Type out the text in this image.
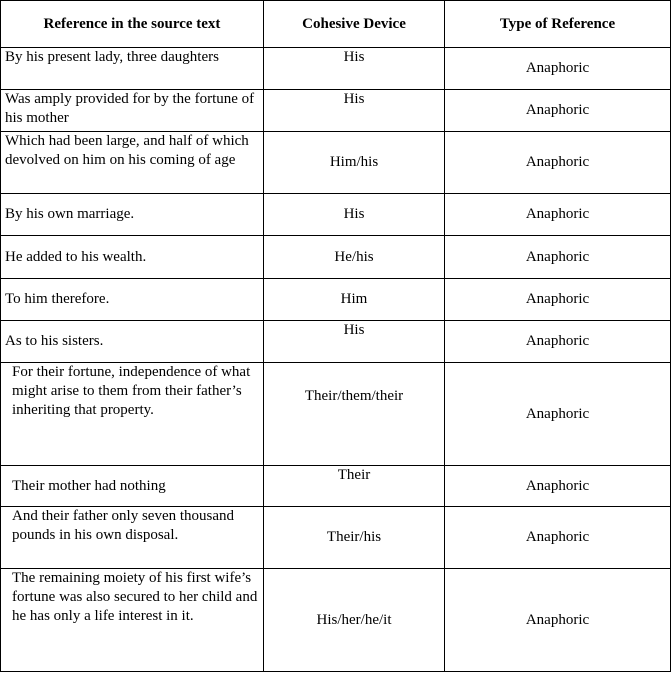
Reference in the source text	Cohesive Device	Type of Reference
By his present lady, three daughters	His	Anaphoric
Was amply provided for by the fortune of his mother	His	Anaphoric
Which had been large, and half of which devolved on him on his coming of age	Him/his	Anaphoric
By his own marriage.	His	Anaphoric
He added to his wealth.	He/his	Anaphoric
To him therefore.	Him	Anaphoric
As to his sisters.	His	Anaphoric
For their fortune, independence of what might arise to them from their father’s inheriting that property.	Their/them/their	Anaphoric
Their mother had nothing	Their	Anaphoric
And their father only seven thousand pounds in his own disposal.	Their/his	Anaphoric
The remaining moiety of his first wife’s fortune was also secured to her child and he has only a life interest in it.	His/her/he/it	Anaphoric
